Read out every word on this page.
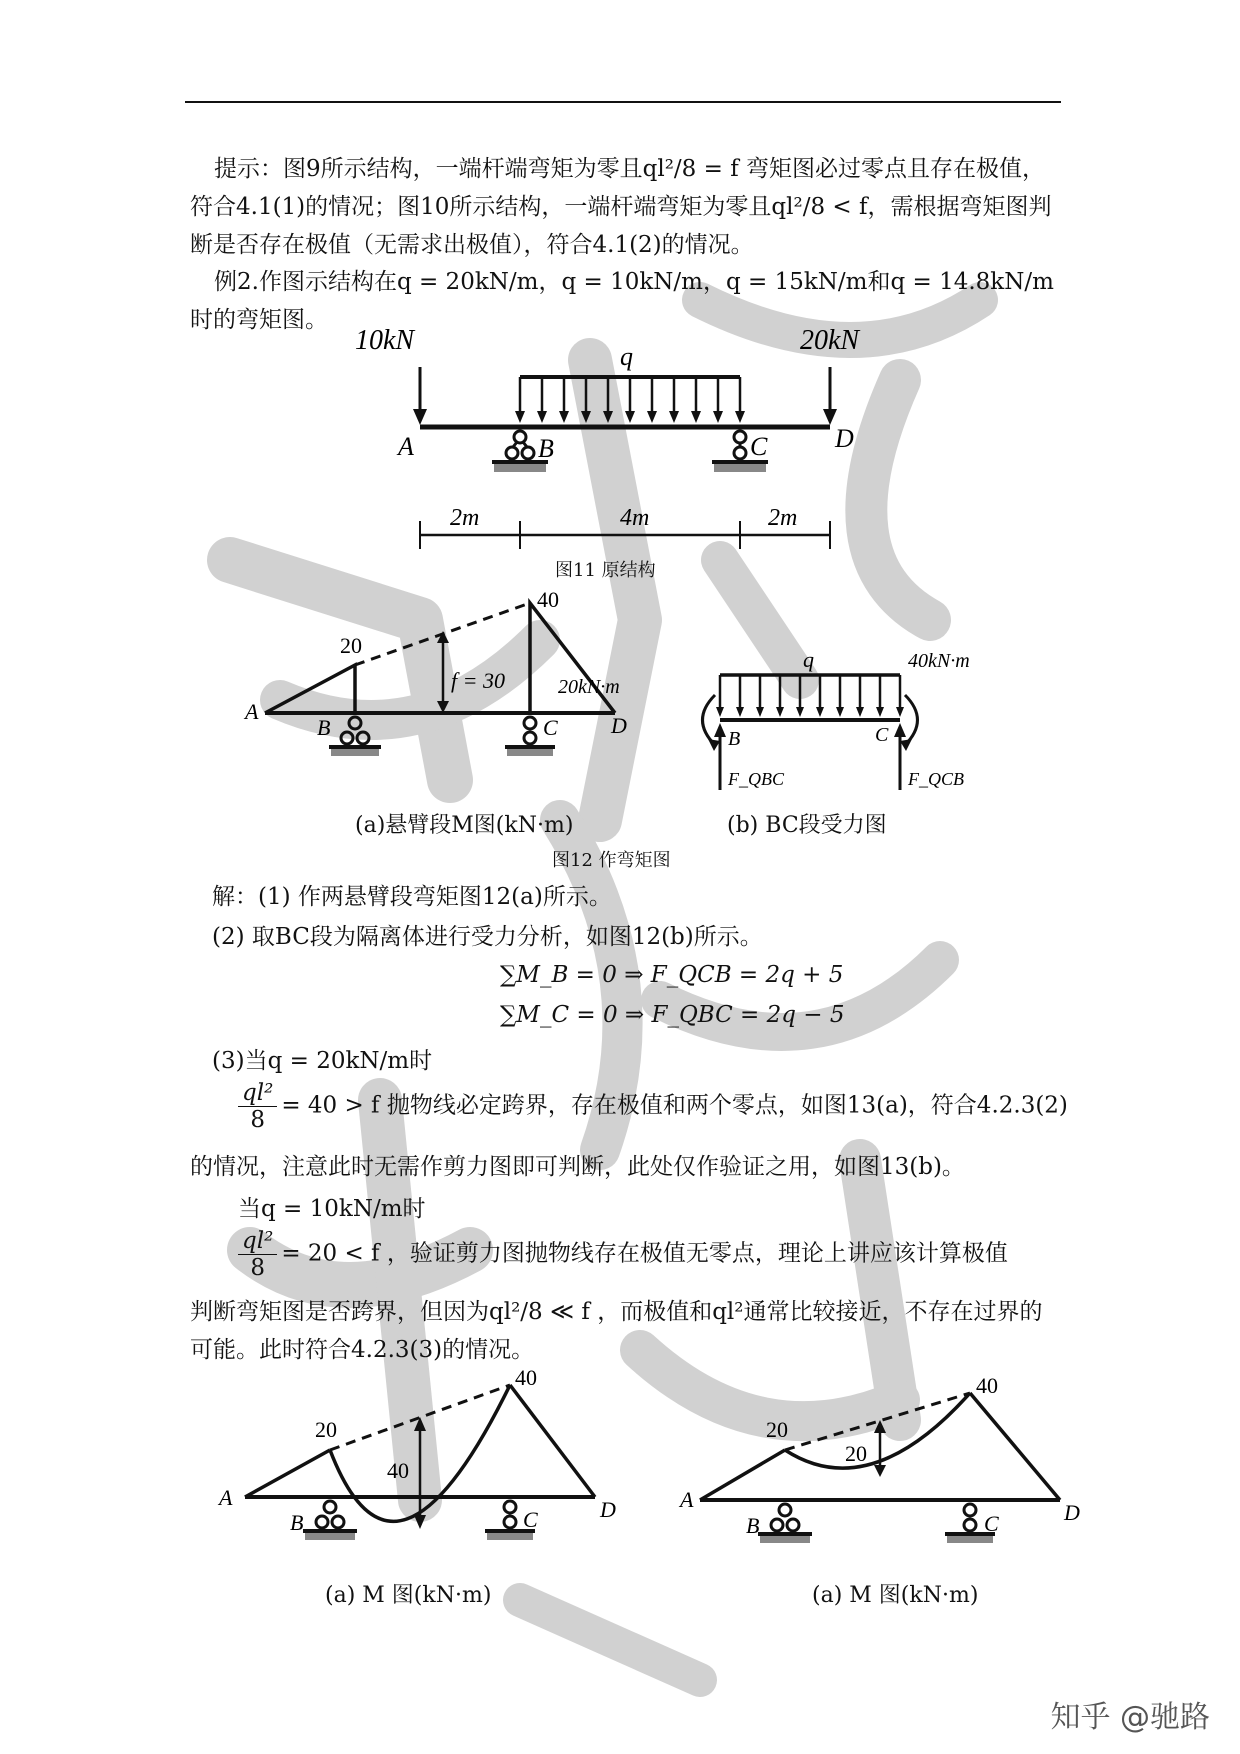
提示：图9所示结构，一端杆端弯矩为零且ql²/8 = f 弯矩图必过零点且存在极值，符合4.1(1)的情况；图10所示结构，一端杆端弯矩为零且ql²/8 < f，需根据弯矩图判断是否存在极值（无需求出极值），符合4.1(2)的情况。
例2.作图示结构在q = 20kN/m，q = 10kN/m，q = 15kN/m和q = 14.8kN/m时的弯矩图。
10kN	20kN
q
A	B	C	D
2m	4m	2m
图11 原结构
20
40
f = 30
A
B	C D
(a)悬臂段M图(kN·m)
q
20kN·m
40kN·m
B	C
F_QBC	F_QCB
(b) BC段受力图
图12 作弯矩图
解：(1) 作两悬臂段弯矩图12(a)所示。
(2) 取BC段为隔离体进行受力分析，如图12(b)所示。
∑M_B = 0 ⇒ F_QCB = 2q + 5
∑M_C = 0 ⇒ F_QBC = 2q − 5
(3)当q = 20kN/m时
$\frac{\text{ql²}}{8} = 40 > f$ 抛物线必定跨界，存在极值和两个零点，如图13(a)，符合4.2.3(2)
的情况，注意此时无需作剪力图即可判断，此处仅作验证之用，如图13(b)。
当q = 10kN/m时
$\frac{\text{ql²}}{8} = 20 < f$ ，验证剪力图抛物线存在极值无零点，理论上讲应该计算极值
判断弯矩图是否跨界，但因为ql²/8 ≪ f ，而极值和ql²通常比较接近，不存在过界的可能。此时符合4.2.3(3)的情况。
20
40
40
A
B	C	D
(a) M 图(kN·m)
20
40
20
A
B	C	D
(a) M 图(kN·m)
知乎 @驰路
